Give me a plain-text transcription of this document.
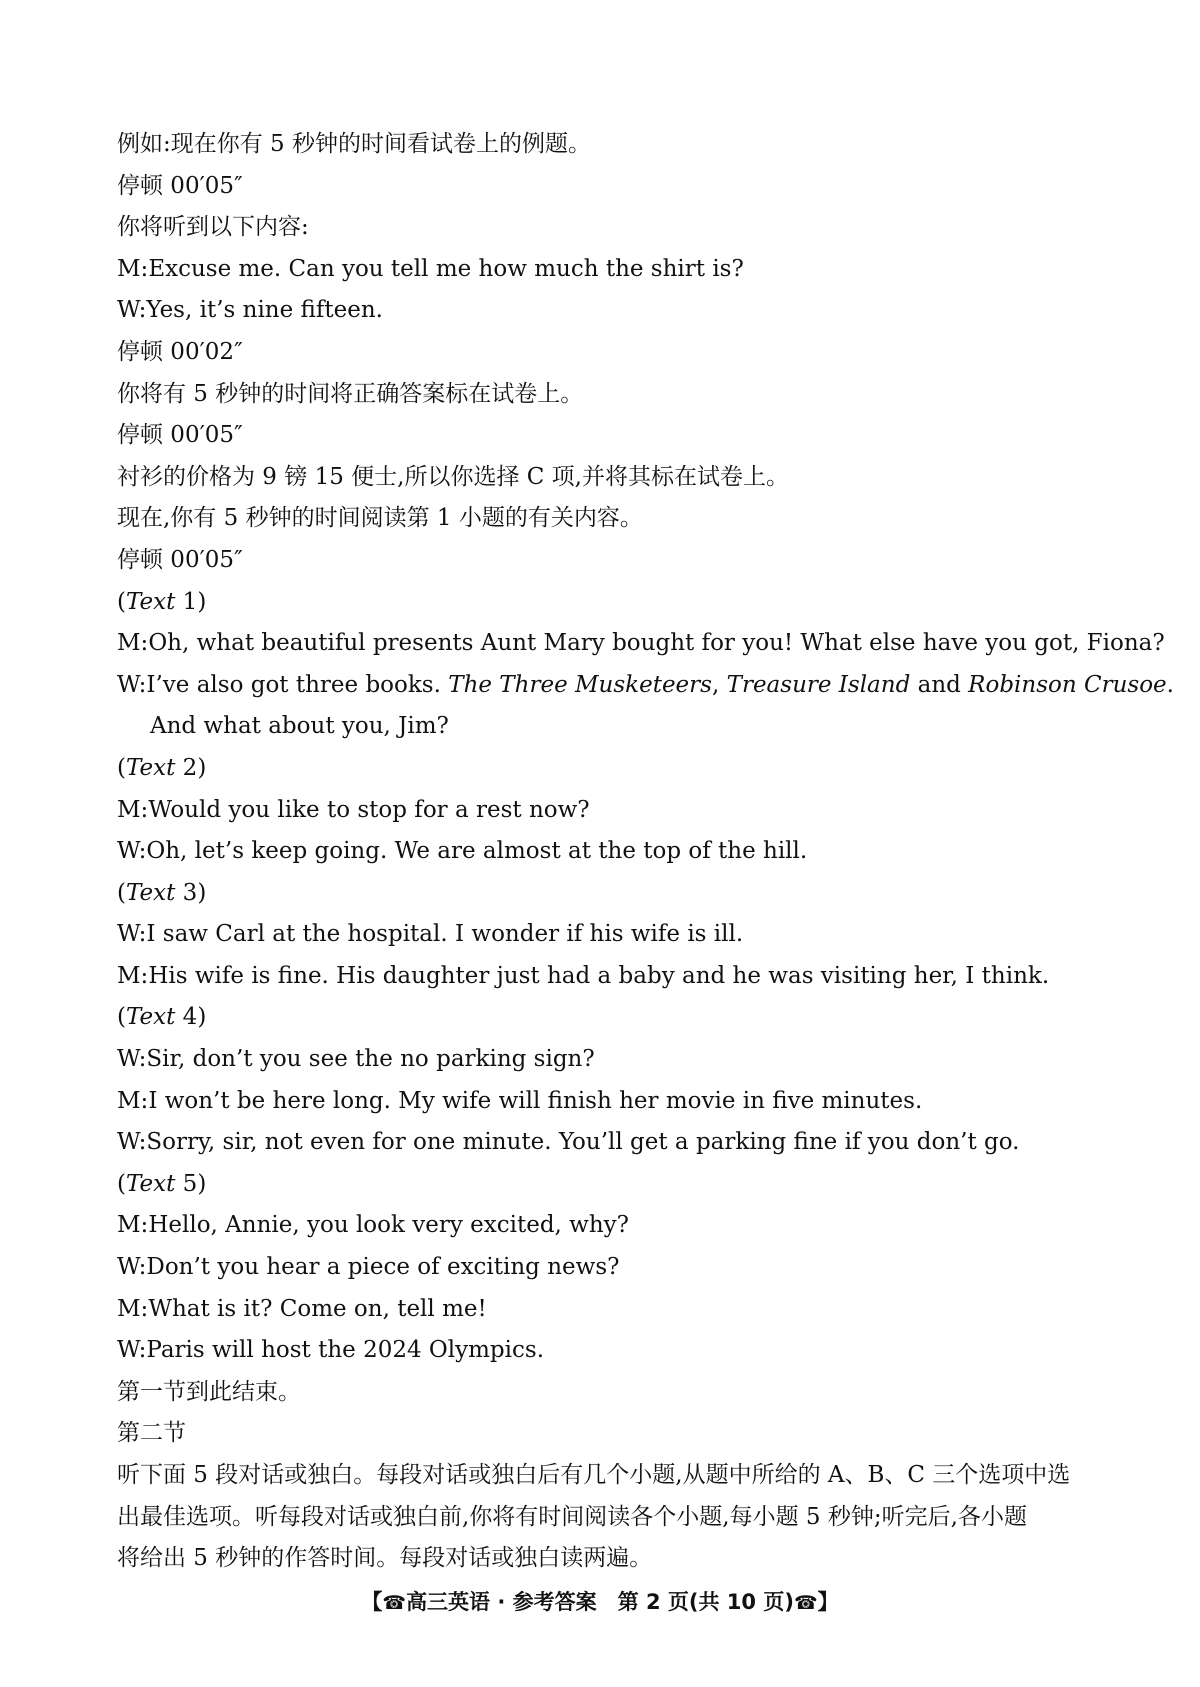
例如:现在你有 5 秒钟的时间看试卷上的例题。

停顿 00′05″

你将听到以下内容:

M:Excuse me. Can you tell me how much the shirt is?

W:Yes, it’s nine fifteen.

停顿 00′02″

你将有 5 秒钟的时间将正确答案标在试卷上。

停顿 00′05″

衬衫的价格为 9 镑 15 便士,所以你选择 C 项,并将其标在试卷上。

现在,你有 5 秒钟的时间阅读第 1 小题的有关内容。

停顿 00′05″

(Text 1)

M:Oh, what beautiful presents Aunt Mary bought for you! What else have you got, Fiona?

W:I’ve also got three books. The Three Musketeers, Treasure Island and Robinson Crusoe.

And what about you, Jim?

(Text 2)

M:Would you like to stop for a rest now?

W:Oh, let’s keep going. We are almost at the top of the hill.

(Text 3)

W:I saw Carl at the hospital. I wonder if his wife is ill.

M:His wife is fine. His daughter just had a baby and he was visiting her, I think.

(Text 4)

W:Sir, don’t you see the no parking sign?

M:I won’t be here long. My wife will finish her movie in five minutes.

W:Sorry, sir, not even for one minute. You’ll get a parking fine if you don’t go.

(Text 5)

M:Hello, Annie, you look very excited, why?

W:Don’t you hear a piece of exciting news?

M:What is it? Come on, tell me!

W:Paris will host the 2024 Olympics.

第一节到此结束。

第二节

听下面 5 段对话或独白。每段对话或独白后有几个小题,从题中所给的 A、B、C 三个选项中选

出最佳选项。听每段对话或独白前,你将有时间阅读各个小题,每小题 5 秒钟;听完后,各小题

将给出 5 秒钟的作答时间。每段对话或独白读两遍。

【☎高三英语 · 参考答案　第 2 页(共 10 页)☎】
